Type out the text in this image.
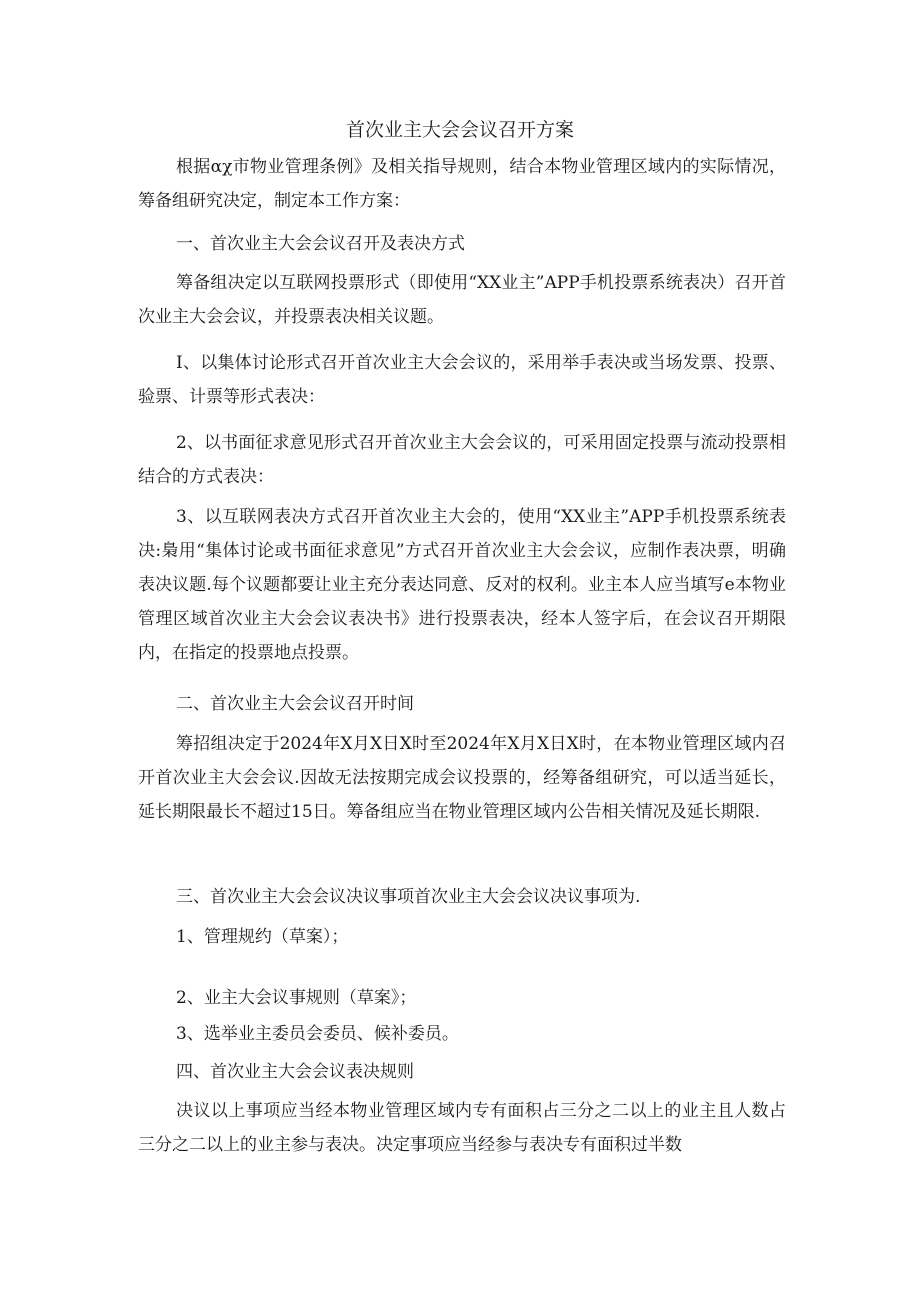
首次业主大会会议召开方案
根据αχ市物业管理条例》及相关指导规则，结合本物业管理区域内的实际情况，筹备组研究决定，制定本工作方案：
一、首次业主大会会议召开及表决方式
筹备组决定以互联网投票形式（即使用“XX业主”APP手机投票系统表决）召开首次业主大会会议，并投票表决相关议题。
I、以集体讨论形式召开首次业主大会会议的，采用举手表决或当场发票、投票、验票、计票等形式表决：
2、以书面征求意见形式召开首次业主大会会议的，可采用固定投票与流动投票相结合的方式表决：
3、以互联网表决方式召开首次业主大会的，使用“XX业主”APP手机投票系统表决:梟用“集体讨论或书面征求意见”方式召开首次业主大会会议，应制作表决票，明确表决议题.每个议题都要让业主充分表达同意、反对的权利。业主本人应当填写e本物业管理区域首次业主大会会议表决书》进行投票表决，经本人签字后，在会议召开期限内，在指定的投票地点投票。
二、首次业主大会会议召开时间
筹招组决定于2024年X月X日X时至2024年X月X日X时，在本物业管理区域内召开首次业主大会会议.因故无法按期完成会议投票的，经筹备组研究，可以适当延长，延长期限最长不超过15日。筹备组应当在物业管理区域内公告相关情况及延长期限.
三、首次业主大会会议决议事项首次业主大会会议决议事项为.
1、管理规约（草案）；
2、业主大会议事规则（草案》；
3、选举业主委员会委员、候补委员。
四、首次业主大会会议表决规则
决议以上事项应当经本物业管理区域内专有面积占三分之二以上的业主且人数占三分之二以上的业主参与表决。决定事项应当经参与表决专有面积过半数
